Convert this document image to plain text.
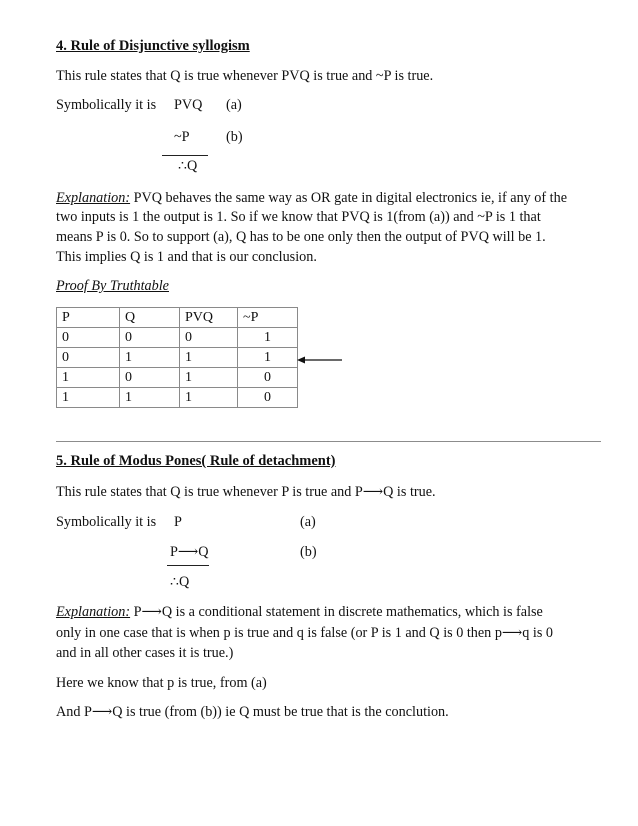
4. Rule of Disjunctive syllogism
This rule states that Q is true whenever PVQ is true and ~P is true.
Symbolically it is PVQ (a)
~P	(b)
∴Q
Explanation: PVQ behaves the same way as OR gate in digital electronics ie, if any of the
two inputs is 1 the output is 1. So if we know that PVQ is 1(from (a)) and ~P is 1 that
means P is 0. So to support (a), Q has to be one only then the output of PVQ will be 1.
This implies Q is 1 and that is our conclusion.
Proof By Truthtable
P	Q	PVQ	~P
0	0	0	1
0	1	1	1
1	0	1	0
1	1	1	0
5. Rule of Modus Pones( Rule of detachment)
This rule states that Q is true whenever P is true and P⟶Q is true.
Symbolically it is P	(a)
P⟶Q	(b)
∴Q
Explanation: P⟶Q is a conditional statement in discrete mathematics, which is false
only in one case that is when p is true and q is false (or P is 1 and Q is 0 then p⟶q is 0
and in all other cases it is true.)
Here we know that p is true, from (a)
And P⟶Q is true (from (b)) ie Q must be true that is the conclution.
